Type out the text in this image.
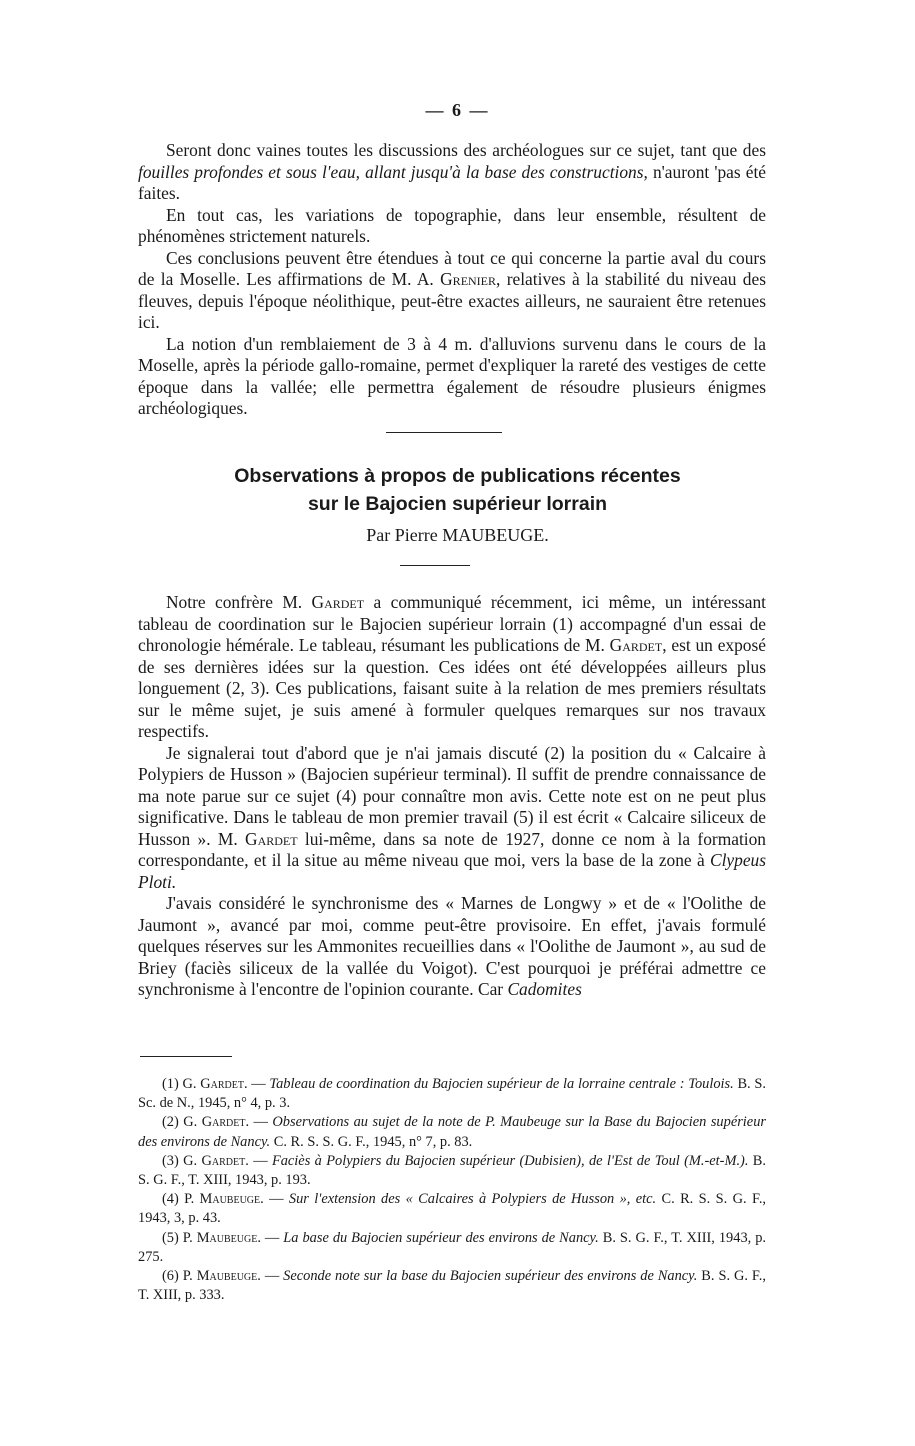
— 6 —

Seront donc vaines toutes les discussions des archéologues sur ce sujet, tant que des fouilles profondes et sous l'eau, allant jusqu'à la base des constructions, n'auront 'pas été faites.

En tout cas, les variations de topographie, dans leur ensemble, résultent de phénomènes strictement naturels.

Ces conclusions peuvent être étendues à tout ce qui concerne la partie aval du cours de la Moselle. Les affirmations de M. A. Grenier, relatives à la stabilité du niveau des fleuves, depuis l'époque néolithique, peut-être exactes ailleurs, ne sauraient être retenues ici.

La notion d'un remblaiement de 3 à 4 m. d'alluvions survenu dans le cours de la Moselle, après la période gallo-romaine, permet d'expliquer la rareté des vestiges de cette époque dans la vallée; elle permettra également de résoudre plusieurs énigmes archéologiques.

Observations à propos de publications récentes
sur le Bajocien supérieur lorrain
Par Pierre MAUBEUGE.

Notre confrère M. Gardet a communiqué récemment, ici même, un intéressant tableau de coordination sur le Bajocien supérieur lorrain (1) accompagné d'un essai de chronologie hémérale. Le tableau, résumant les publications de M. Gardet, est un exposé de ses dernières idées sur la question. Ces idées ont été développées ailleurs plus longuement (2, 3). Ces publications, faisant suite à la relation de mes premiers résultats sur le même sujet, je suis amené à formuler quelques remarques sur nos travaux respectifs.

Je signalerai tout d'abord que je n'ai jamais discuté (2) la position du « Calcaire à Polypiers de Husson » (Bajocien supérieur terminal). Il suffit de prendre connaissance de ma note parue sur ce sujet (4) pour connaître mon avis. Cette note est on ne peut plus significative. Dans le tableau de mon premier travail (5) il est écrit « Calcaire siliceux de Husson ». M. Gardet lui-même, dans sa note de 1927, donne ce nom à la formation correspondante, et il la situe au même niveau que moi, vers la base de la zone à Clypeus Ploti.

J'avais considéré le synchronisme des « Marnes de Longwy » et de « l'Oolithe de Jaumont », avancé par moi, comme peut-être provisoire. En effet, j'avais formulé quelques réserves sur les Ammonites recueillies dans « l'Oolithe de Jaumont », au sud de Briey (faciès siliceux de la vallée du Voigot). C'est pourquoi je préférai admettre ce synchronisme à l'encontre de l'opinion courante. Car Cadomites

(1) G. Gardet. — Tableau de coordination du Bajocien supérieur de la lorraine centrale : Toulois. B. S. Sc. de N., 1945, n° 4, p. 3.

(2) G. Gardet. — Observations au sujet de la note de P. Maubeuge sur la Base du Bajocien supérieur des environs de Nancy. C. R. S. S. G. F., 1945, n° 7, p. 83.

(3) G. Gardet. — Faciès à Polypiers du Bajocien supérieur (Dubisien), de l'Est de Toul (M.-et-M.). B. S. G. F., T. XIII, 1943, p. 193.

(4) P. Maubeuge. — Sur l'extension des « Calcaires à Polypiers de Husson », etc. C. R. S. S. G. F., 1943, 3, p. 43.

(5) P. Maubeuge. — La base du Bajocien supérieur des environs de Nancy. B. S. G. F., T. XIII, 1943, p. 275.

(6) P. Maubeuge. — Seconde note sur la base du Bajocien supérieur des environs de Nancy. B. S. G. F., T. XIII, p. 333.
